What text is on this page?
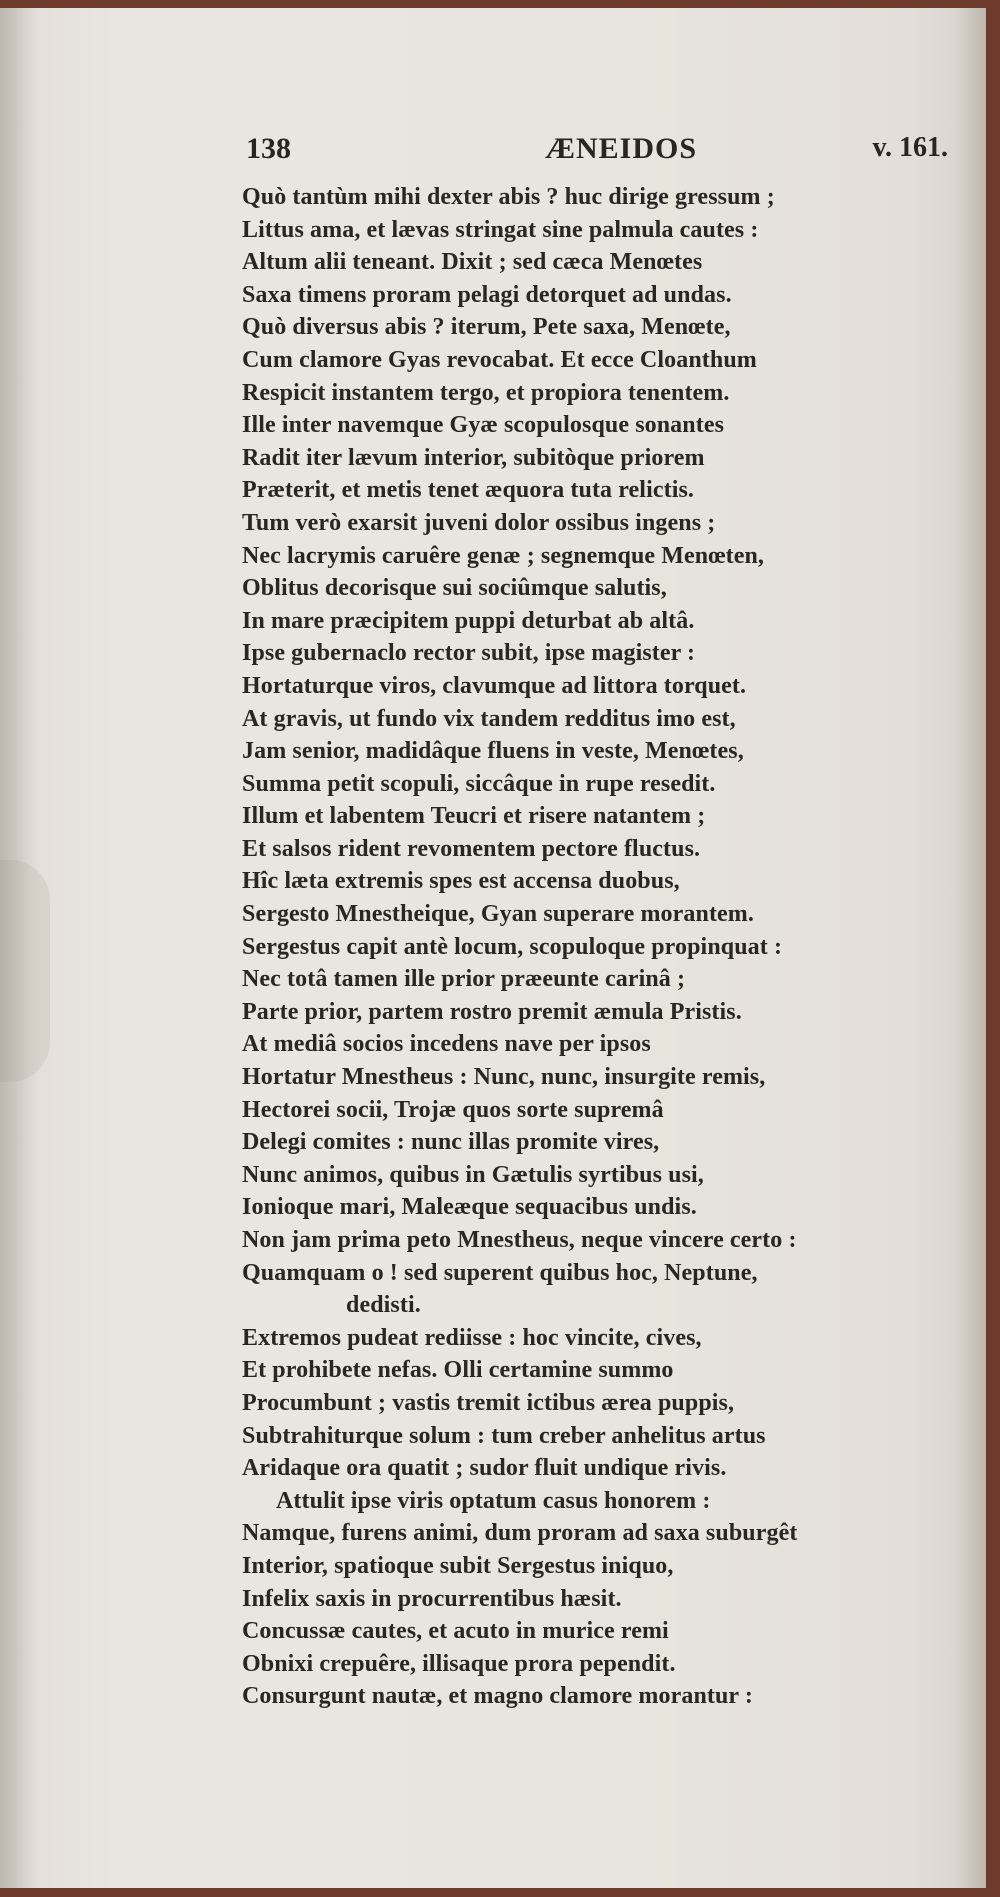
138	ÆNEIDOS	v. 161.
Quò tantùm mihi dexter abis ? huc dirige gressum ;
Littus ama, et lævas stringat sine palmula cautes :
Altum alii teneant. Dixit ; sed cæca Menœtes
Saxa timens proram pelagi detorquet ad undas.
Quò diversus abis ? iterum, Pete saxa, Menœte,
Cum clamore Gyas revocabat. Et ecce Cloanthum
Respicit instantem tergo, et propiora tenentem.
Ille inter navemque Gyæ scopulosque sonantes
Radit iter lævum interior, subitòque priorem
Præterit, et metis tenet æquora tuta relictis.
Tum verò exarsit juveni dolor ossibus ingens ;
Nec lacrymis caruêre genæ ; segnemque Menœten,
Oblitus decorisque sui sociûmque salutis,
In mare præcipitem puppi deturbat ab altâ.
Ipse gubernaclo rector subit, ipse magister :
Hortaturque viros, clavumque ad littora torquet.
At gravis, ut fundo vix tandem redditus imo est,
Jam senior, madidâque fluens in veste, Menœtes,
Summa petit scopuli, siccâque in rupe resedit.
Illum et labentem Teucri et risere natantem ;
Et salsos rident revomentem pectore fluctus.
Hîc læta extremis spes est accensa duobus,
Sergesto Mnestheique, Gyan superare morantem.
Sergestus capit antè locum, scopuloque propinquat :
Nec totâ tamen ille prior præeunte carinâ ;
Parte prior, partem rostro premit æmula Pristis.
At mediâ socios incedens nave per ipsos
Hortatur Mnestheus : Nunc, nunc, insurgite remis,
Hectorei socii, Trojæ quos sorte supremâ
Delegi comites : nunc illas promite vires,
Nunc animos, quibus in Gætulis syrtibus usi,
Ionioque mari, Maleæque sequacibus undis.
Non jam prima peto Mnestheus, neque vincere certo :
Quamquam o ! sed superent quibus hoc, Neptune,
dedisti.
Extremos pudeat rediisse : hoc vincite, cives,
Et prohibete nefas. Olli certamine summo
Procumbunt ; vastis tremit ictibus ærea puppis,
Subtrahiturque solum : tum creber anhelitus artus
Aridaque ora quatit ; sudor fluit undique rivis.
Attulit ipse viris optatum casus honorem :
Namque, furens animi, dum proram ad saxa suburgêt
Interior, spatioque subit Sergestus iniquo,
Infelix saxis in procurrentibus hæsit.
Concussæ cautes, et acuto in murice remi
Obnixi crepuêre, illisaque prora pependit.
Consurgunt nautæ, et magno clamore morantur :
